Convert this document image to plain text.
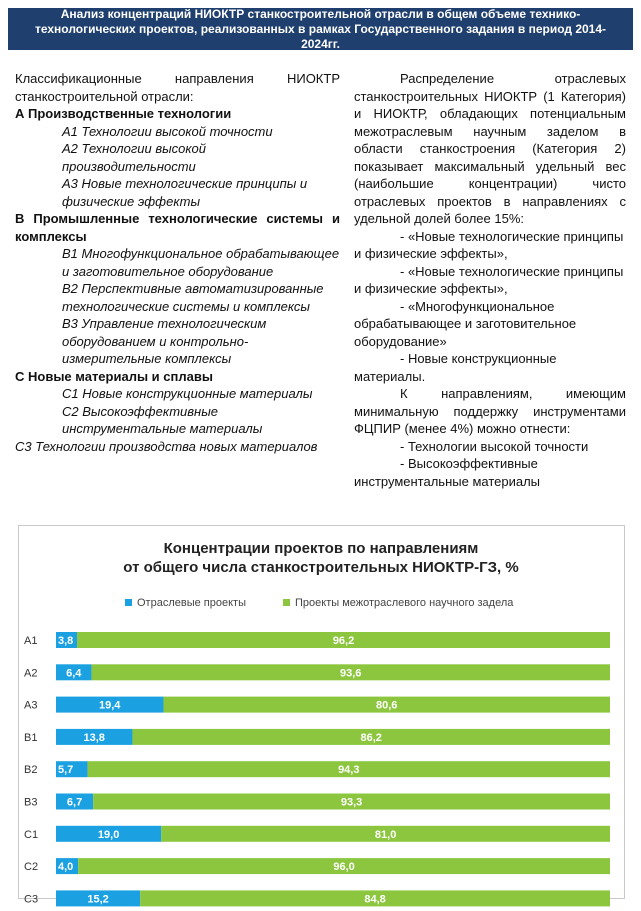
Анализ концентраций НИОКТР станкостроительной отрасли в общем объеме технико-технологических проектов, реализованных в рамках Государственного задания в период 2014-2024гг.

Классификационные направления НИОКТР станкостроительной отрасли:

А Производственные технологии

А1 Технологии высокой точности

А2 Технологии высокой производительности

А3 Новые технологические принципы и физические эффекты

В Промышленные технологические системы и комплексы

В1 Многофункциональное обрабатывающее и заготовительное оборудование

В2 Перспективные автоматизированные технологические системы и комплексы

В3 Управление технологическим оборудованием и контрольно-измерительные комплексы

С Новые материалы и сплавы

С1 Новые конструкционные материалы

С2 Высокоэффективные инструментальные материалы

С3 Технологии производства новых материалов

Распределение отраслевых станкостроительных НИОКТР (1 Категория) и НИОКТР, обладающих потенциальным межотраслевым научным заделом в области станкостроения (Категория 2) показывает максимальный удельный вес (наибольшие концентрации) чисто отраслевых проектов в направлениях с удельной долей более 15%:

- «Новые технологические принципы и физические эффекты»,

- «Новые технологические принципы и физические эффекты»,

- «Многофункциональное обрабатывающее и заготовительное оборудование»

- Новые конструкционные материалы.

К направлениям, имеющим минимальную поддержку инструментами ФЦПИР (менее 4%) можно отнести:

- Технологии высокой точности

- Высокоэффективные инструментальные материалы

Концентрации проектов по направлениям
от общего числа станкостроительных НИОКТР-ГЗ, %
Отраслевые проекты	Проекты межотраслевого научного задела
А1 3,8	96,2
А2	6,4	93,6
А3	19,4	80,6
В1	13,8	86,2
В2 5,7	94,3
В3	6,7	93,3
С1	19,0	81,0
С2 4,0	96,0
С3	15,2	84,8
